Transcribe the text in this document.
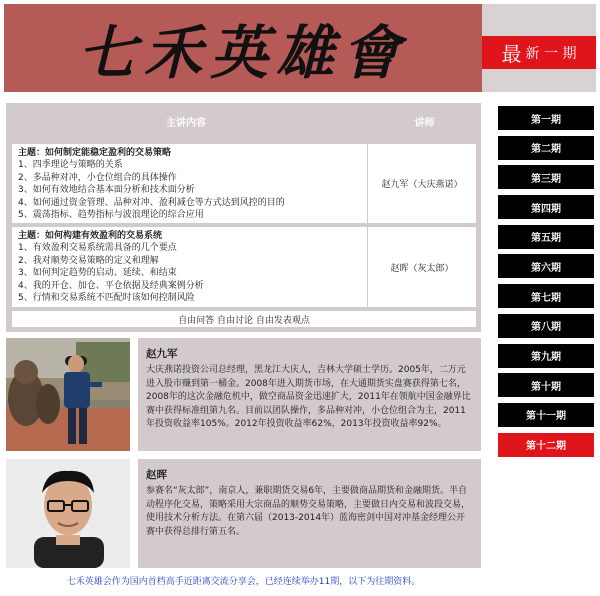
七禾英雄會	最 新 一 期
主讲内容	讲师
主题：如何制定能稳定盈利的交易策略
1、四季理论与策略的关系
2、多品种对冲，小仓位组合的具体操作
3、如何有效地结合基本面分析和技术面分析
4、如何通过资金管理、品种对冲、盈利减仓等方式达到风控的目的
5、震荡指标、趋势指标与波浪理论的综合应用
赵九军（大庆燕诺）
主题：如何构建有效盈利的交易系统
1、有效盈利交易系统需具备的几个要点
2、我对顺势交易策略的定义和理解
3、如何判定趋势的启动、延续、和结束
4、我的开仓、加仓、平仓依据及经典案例分析
5、行情和交易系统不匹配时该如何控制风险
赵晖（灰太郎）
自由问答 自由讨论 自由发表观点
赵九军
大庆燕诺投资公司总经理，黑龙江大庆人，吉林大学硕士学历。2005年，二万元进入股市赚到第一桶金。2008年进入期货市场，在大通期货实盘赛获得第七名，2008年的这次金融危机中，做空商品资金迅速扩大，2011年在领航中国金融界比赛中获得标准组第九名。目前以团队操作，多品种对冲，小仓位组合为主，2011年投资收益率105%。2012年投资收益率62%，2013年投资收益率92%。
赵晖
参赛名“灰太郎”，南京人，兼职期货交易6年，主要做商品期货和金融期货。半自动程序化交易，策略采用大宗商品的顺势交易策略，主要做日内交易和波段交易，使用技术分析方法。在第六届（2013-2014年）蓝海密剑中国对冲基金经理公开赛中获得总排行第五名。
七禾英雄会作为国内首档高手近距离交流分享会，已经连续举办11期，以下为往期资料。
第一期
第二期
第三期
第四期
第五期
第六期
第七期
第八期
第九期
第十期
第十一期
第十二期
